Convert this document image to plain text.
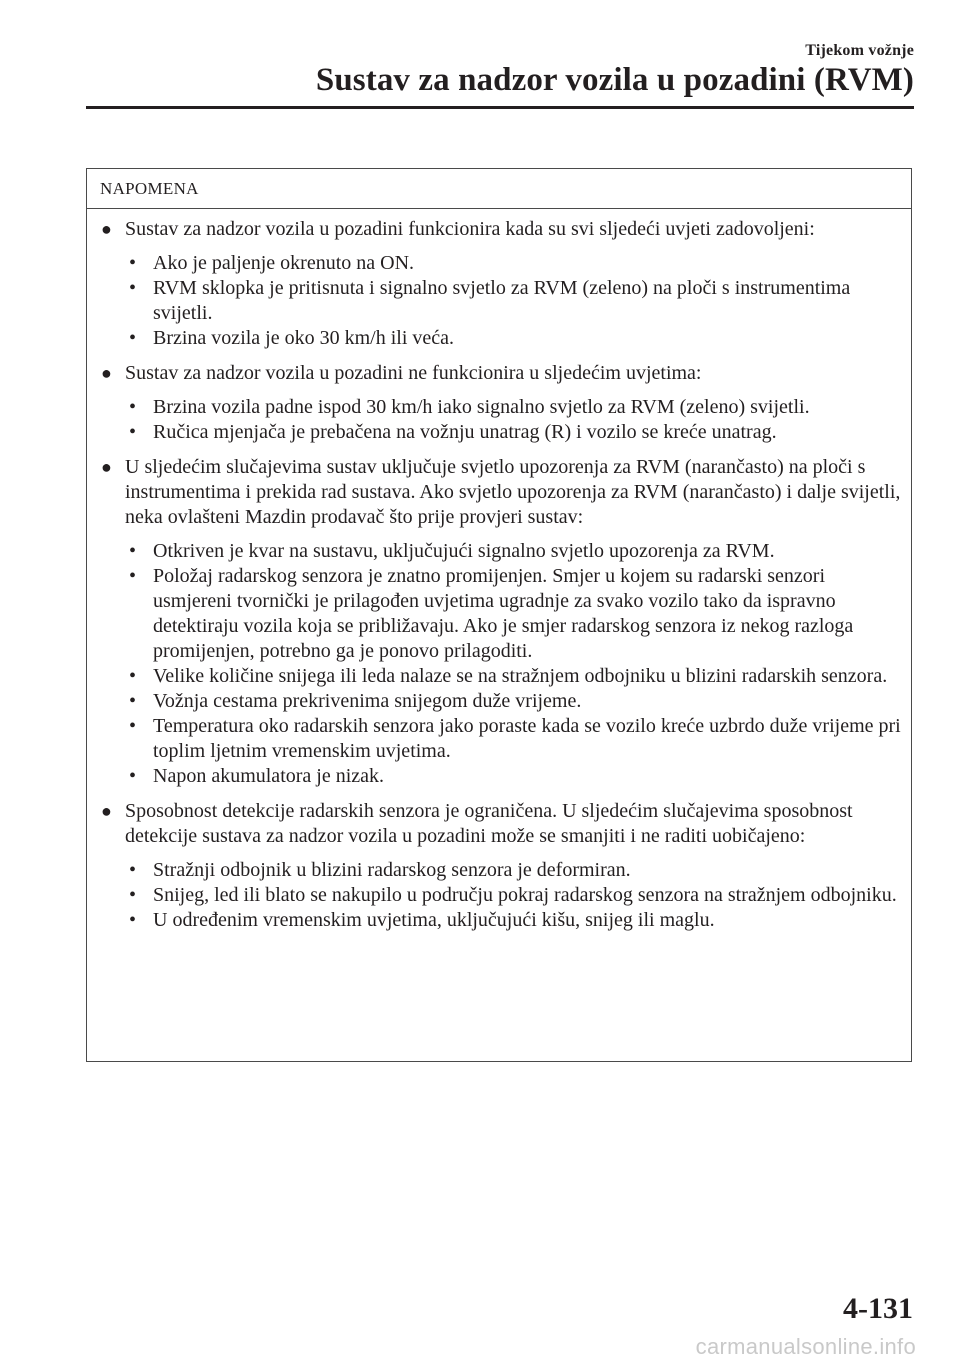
Tijekom vožnje
Sustav za nadzor vozila u pozadini (RVM)
NAPOMENA
● Sustav za nadzor vozila u pozadini funkcionira kada su svi sljedeći uvjeti zadovoljeni:
• Ako je paljenje okrenuto na ON.
• RVM sklopka je pritisnuta i signalno svjetlo za RVM (zeleno) na ploči s instrumentima svijetli.
• Brzina vozila je oko 30 km/h ili veća.
● Sustav za nadzor vozila u pozadini ne funkcionira u sljedećim uvjetima:
• Brzina vozila padne ispod 30 km/h iako signalno svjetlo za RVM (zeleno) svijetli.
• Ručica mjenjača je prebačena na vožnju unatrag (R) i vozilo se kreće unatrag.
● U sljedećim slučajevima sustav uključuje svjetlo upozorenja za RVM (narančasto) na ploči s instrumentima i prekida rad sustava. Ako svjetlo upozorenja za RVM (narančasto) i dalje svijetli, neka ovlašteni Mazdin prodavač što prije provjeri sustav:
• Otkriven je kvar na sustavu, uključujući signalno svjetlo upozorenja za RVM.
• Položaj radarskog senzora je znatno promijenjen. Smjer u kojem su radarski senzori usmjereni tvornički je prilagođen uvjetima ugradnje za svako vozilo tako da ispravno detektiraju vozila koja se približavaju. Ako je smjer radarskog senzora iz nekog razloga promijenjen, potrebno ga je ponovo prilagoditi.
• Velike količine snijega ili leda nalaze se na stražnjem odbojniku u blizini radarskih senzora.
• Vožnja cestama prekrivenima snijegom duže vrijeme.
• Temperatura oko radarskih senzora jako poraste kada se vozilo kreće uzbrdo duže vrijeme pri toplim ljetnim vremenskim uvjetima.
• Napon akumulatora je nizak.
● Sposobnost detekcije radarskih senzora je ograničena. U sljedećim slučajevima sposobnost detekcije sustava za nadzor vozila u pozadini može se smanjiti i ne raditi uobičajeno:
• Stražnji odbojnik u blizini radarskog senzora je deformiran.
• Snijeg, led ili blato se nakupilo u području pokraj radarskog senzora na stražnjem odbojniku.
• U određenim vremenskim uvjetima, uključujući kišu, snijeg ili maglu.
4-131
carmanualsonline.info
